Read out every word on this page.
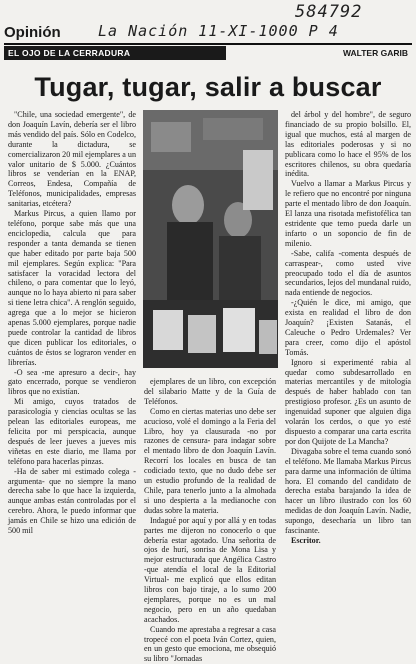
584792
La Nación 11-XI-1000 P 4
Opinión
EL OJO DE LA CERRADURA	WALTER GARIB
Tugar, tugar, salir a buscar

"Chile, una sociedad emergente", de don Joaquín Lavín, debería ser el libro más vendido del país. Sólo en Codelco, durante la dictadura, se comercializaron 20 mil ejemplares a un valor unitario de $ 5.000. ¿Cuántos libros se venderían en la ENAP, Correos, Endesa, Compañía de Teléfonos, municipalidades, empresas sanitarias, etcétera?

Markus Pircus, a quien llamo por teléfono, porque sabe más que una enciclopedia, calcula que para responder a tanta demanda se tienen que haber editado por parte baja 500 mil ejemplares. Según explica: "Para satisfacer la voracidad lectora del chileno, o para comentar que lo leyó, aunque no lo haya abierto ni para saber si tiene letra chica". A renglón seguido, agrega que a lo mejor se hicieron apenas 5.000 ejemplares, porque nadie puede controlar la cantidad de libros que dicen publicar los editoriales, o cuántos de éstos se lograron vender en librerías.

-O sea -me apresuro a decir-, hay gato encerrado, porque se vendieron libros que no existían.

Mi amigo, cuyos tratados de parasicología y ciencias ocultas se las pelean las editoriales europeas, me felicita por mi perspicacia, aunque después de leer jueves a jueves mis viñetas en este diario, me llama por teléfono para hacerlas pinzas.

-Ha de saber mi estimado colega -argumenta- que no siempre la mano derecha sabe lo que hace la izquierda, aunque ambas están controladas por el cerebro. Ahora, le puedo informar que jamás en Chile se hizo una edición de 500 mil

ejemplares de un libro, con excepción del silabario Matte y de la Guía de Teléfonos.

Como en ciertas materias uno debe ser acucioso, volé el domingo a la Feria del Libro, hoy ya clausurada -no por razones de censura- para indagar sobre el mentado libro de don Joaquín Lavín. Recorrí los locales en busca de tan codiciado texto, que no dudo debe ser un estudio profundo de la realidad de Chile, para tenerlo junto a la almohada si uno despierta a la medianoche con dudas sobre la materia.

Indagué por aquí y por allá y en todas partes me dijeron no conocerlo o que debería estar agotado. Una señorita de ojos de hurí, sonrisa de Mona Lisa y mejor estructurada que Angélica Castro -que atendía el local de la Editorial Virtual- me explicó que ellos editan libros con bajo tiraje, a lo sumo 200 ejemplares, porque no es un mal negocio, pero en un año quedaban acachados.

Cuando me aprestaba a regresar a casa tropecé con el poeta Iván Cortez, quien, en un gesto que emociona, me obsequió su libro "Jornadas

del árbol y del hombre", de seguro financiado de su propio bolsillo. El, igual que muchos, está al margen de las editoriales poderosas y si no publicara como lo hace el 95% de los escritores chilenos, su obra quedaría inédita.

Vuelvo a llamar a Markus Pircus y le refiero que no encontré por ninguna parte el mentado libro de don Joaquín. El lanza una risotada mefistofélica tan estridente que temo pueda darle un infarto o un soponcio de fin de milenio.

-Sabe, califa -comenta después de carraspear-, como usted vive preocupado todo el día de asuntos secundarios, lejos del mundanal ruido, nada entiende de negocios.

-¿Quién le dice, mi amigo, que exista en realidad el libro de don Joaquín? ¡Existen Satanás, el Caleuche o Pedro Urdemales? Ver para creer, como dijo el apóstol Tomás.

Ignoro si experimenté rabia al quedar como subdesarrollado en materias mercantiles y de mitología después de haber hablado con tan prestigioso profesor. ¿Es un asunto de ingenuidad suponer que alguien diga volarán los cerdos, o que yo esté dispuesto a comparar una carta escrita por don Quijote de La Mancha?

Divagaba sobre el tema cuando sonó el teléfono. Me llamaba Markus Pircus para darme una información de última hora. El comando del candidato de derecha estaba barajando la idea de hacer un libro ilustrado con los 60 medidas de don Joaquín Lavín. Nadie, supongo, desecharía un libro tan fascinante.

Escritor.
